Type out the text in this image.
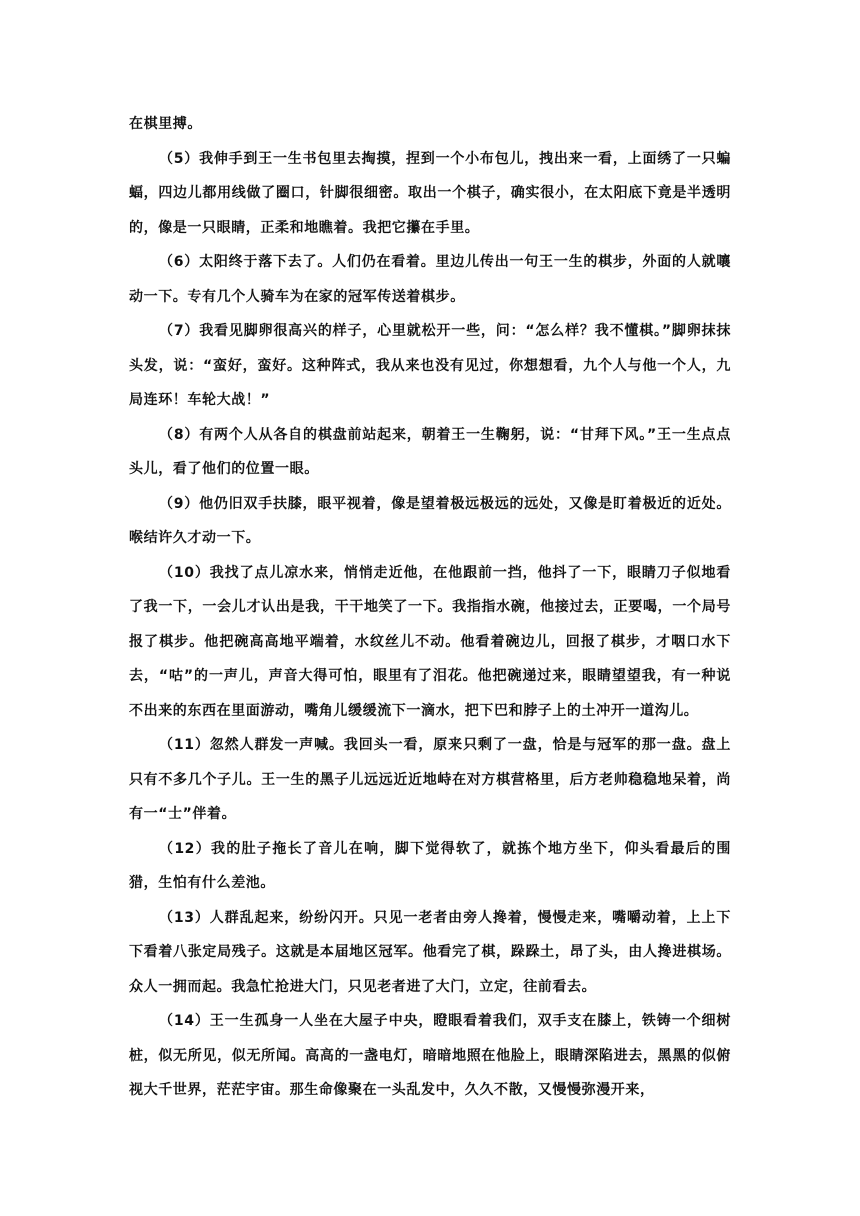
在棋里搏。

（5）我伸手到王一生书包里去掏摸，捏到一个小布包儿，拽出来一看，上面绣了一只蝙蝠，四边儿都用线做了圈口，针脚很细密。取出一个棋子，确实很小，在太阳底下竟是半透明的，像是一只眼睛，正柔和地瞧着。我把它攥在手里。

（6）太阳终于落下去了。人们仍在看着。里边儿传出一句王一生的棋步，外面的人就嚷动一下。专有几个人骑车为在家的冠军传送着棋步。

（7）我看见脚卵很高兴的样子，心里就松开一些，问：“怎么样？我不懂棋。”脚卵抹抹头发，说：“蛮好，蛮好。这种阵式，我从来也没有见过，你想想看，九个人与他一个人，九局连环！车轮大战！”

（8）有两个人从各自的棋盘前站起来，朝着王一生鞠躬，说：“甘拜下风。”王一生点点头儿，看了他们的位置一眼。

（9）他仍旧双手扶膝，眼平视着，像是望着极远极远的远处，又像是盯着极近的近处。喉结许久才动一下。

（10）我找了点儿凉水来，悄悄走近他，在他跟前一挡，他抖了一下，眼睛刀子似地看了我一下，一会儿才认出是我，干干地笑了一下。我指指水碗，他接过去，正要喝，一个局号报了棋步。他把碗高高地平端着，水纹丝儿不动。他看着碗边儿，回报了棋步，才咽口水下去，“咕”的一声儿，声音大得可怕，眼里有了泪花。他把碗递过来，眼睛望望我，有一种说不出来的东西在里面游动，嘴角儿缓缓流下一滴水，把下巴和脖子上的土冲开一道沟儿。

（11）忽然人群发一声喊。我回头一看，原来只剩了一盘，恰是与冠军的那一盘。盘上只有不多几个子儿。王一生的黑子儿远远近近地峙在对方棋营格里，后方老帅稳稳地呆着，尚有一“士”伴着。

（12）我的肚子拖长了音儿在响，脚下觉得软了，就拣个地方坐下，仰头看最后的围猎，生怕有什么差池。

（13）人群乱起来，纷纷闪开。只见一老者由旁人搀着，慢慢走来，嘴嚼动着，上上下下看着八张定局残子。这就是本届地区冠军。他看完了棋，跺跺土，昂了头，由人搀进棋场。众人一拥而起。我急忙抢进大门，只见老者进了大门，立定，往前看去。

（14）王一生孤身一人坐在大屋子中央，瞪眼看着我们，双手支在膝上，铁铸一个细树桩，似无所见，似无所闻。高高的一盏电灯，暗暗地照在他脸上，眼睛深陷进去，黑黑的似俯视大千世界，茫茫宇宙。那生命像聚在一头乱发中，久久不散，又慢慢弥漫开来，
